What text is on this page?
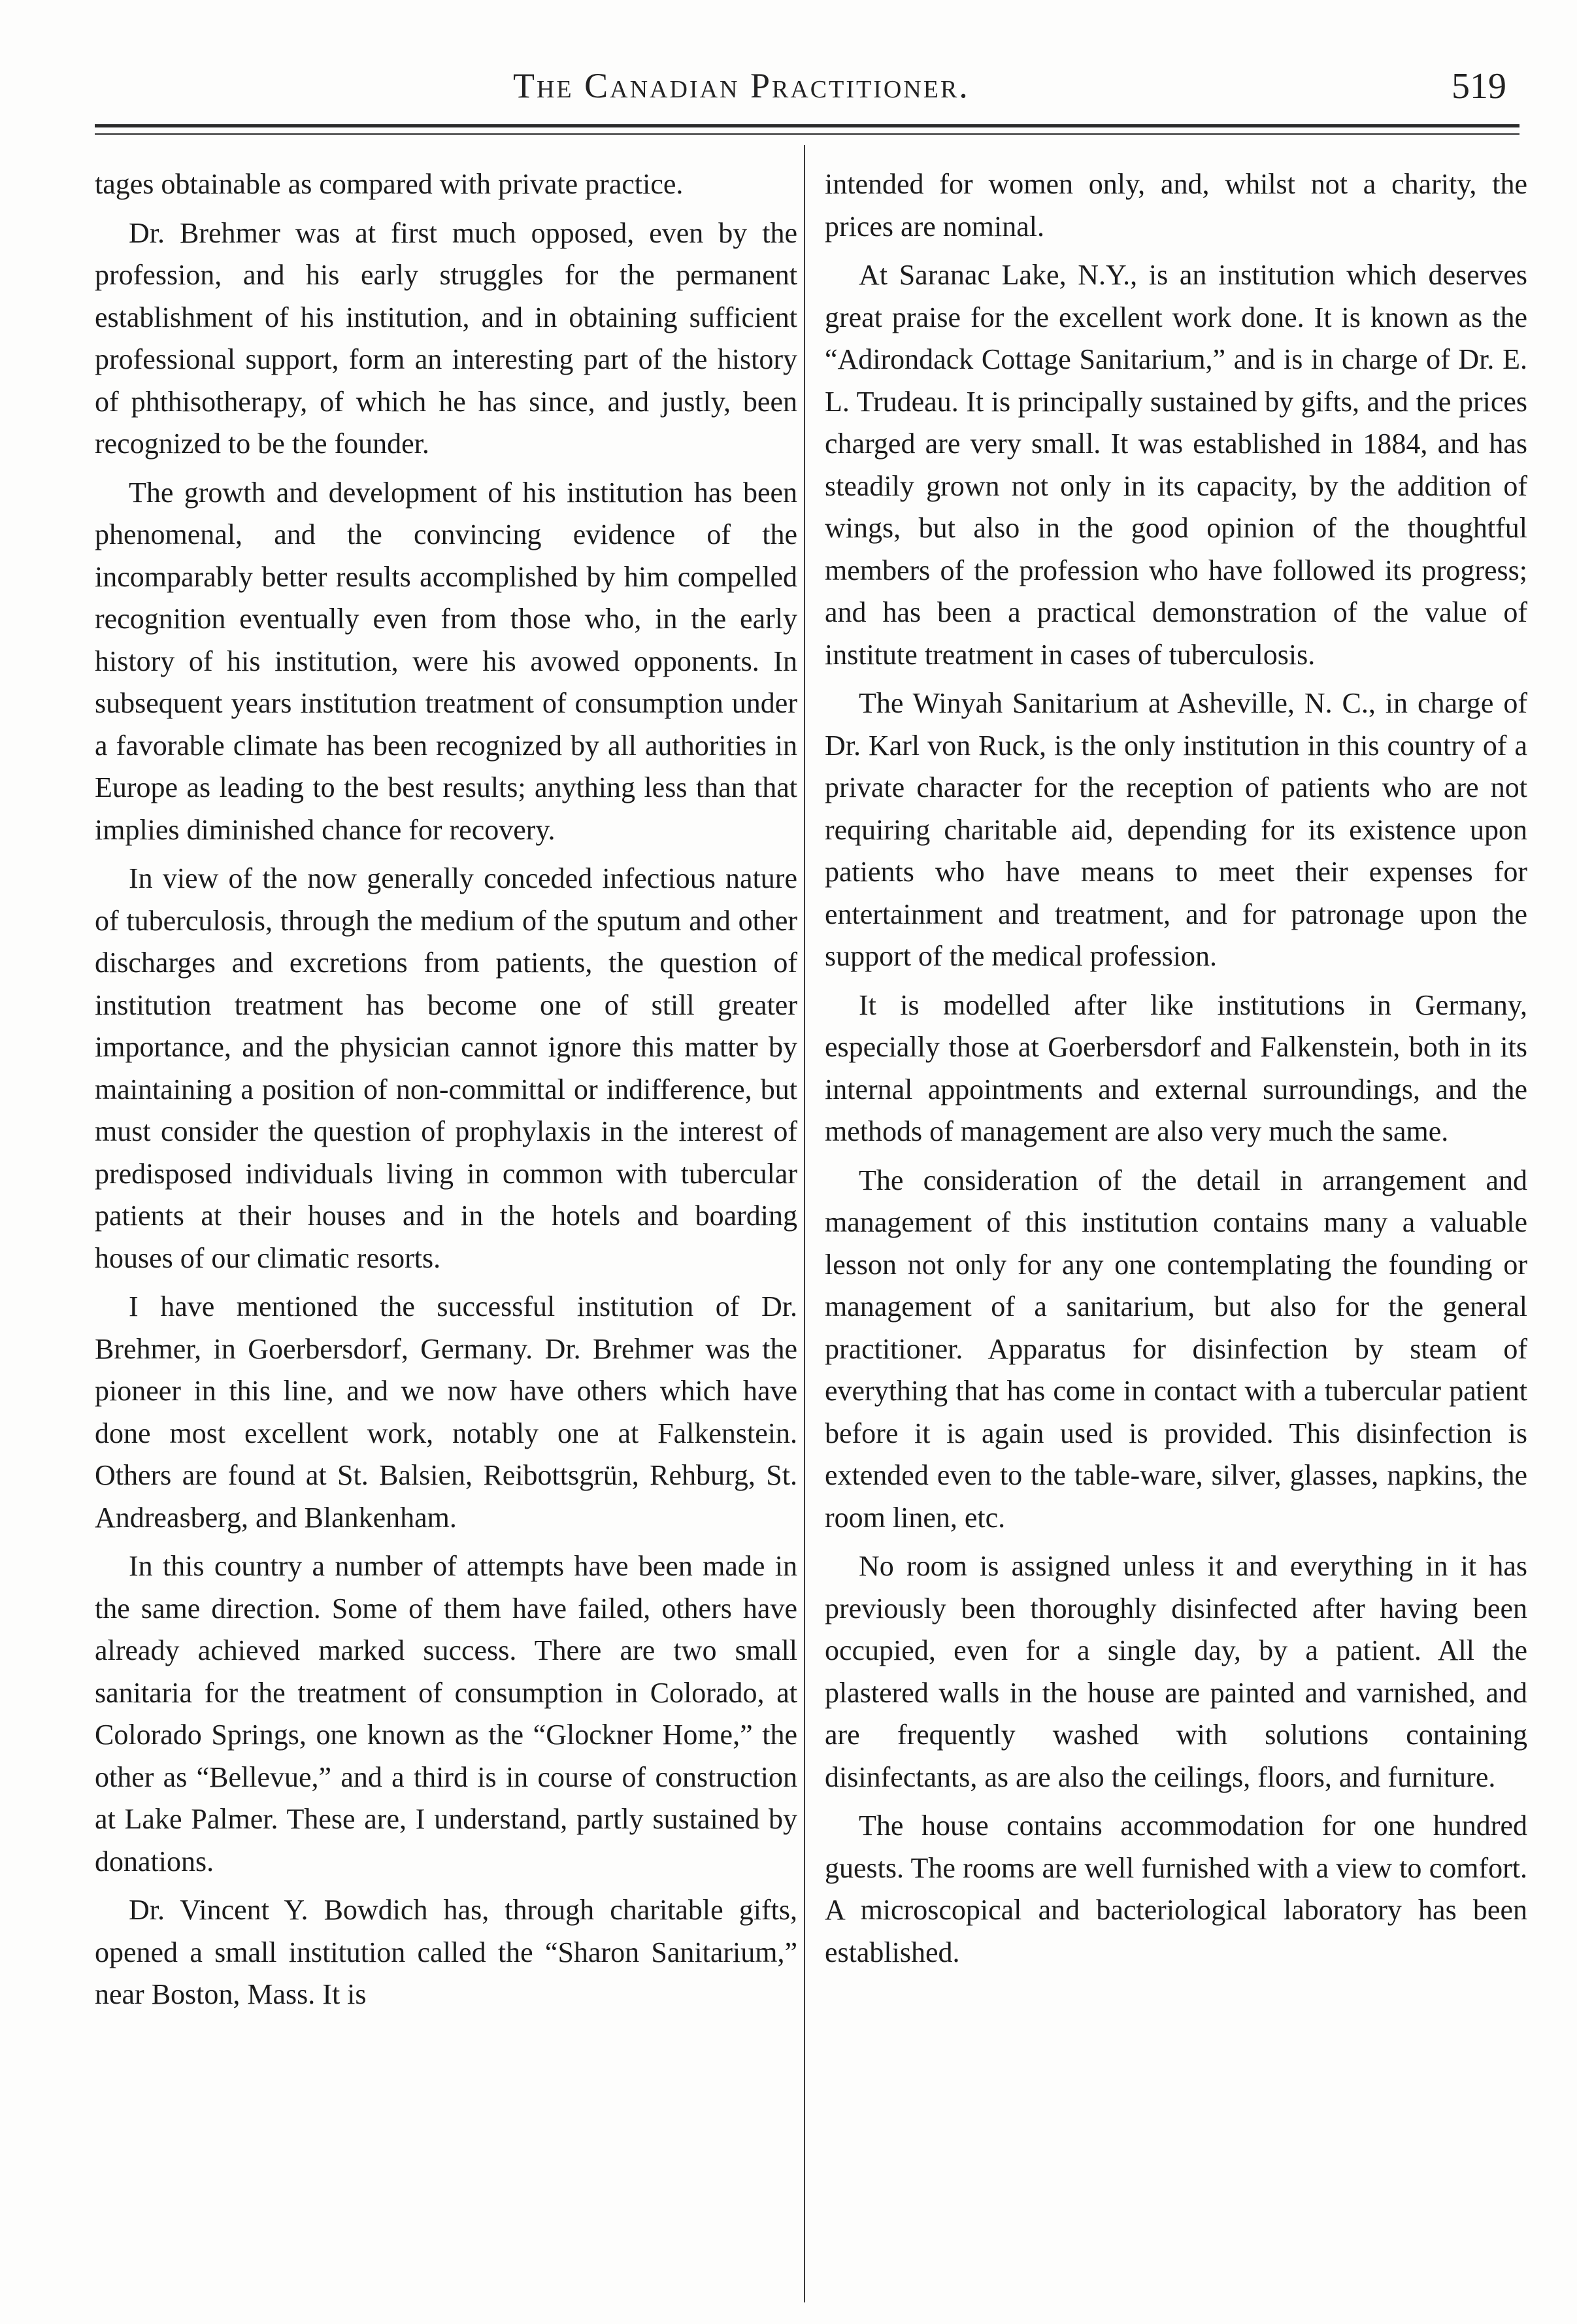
The Canadian Practitioner.	519

tages obtainable as compared with private practice.

Dr. Brehmer was at first much opposed, even by the profession, and his early struggles for the permanent establishment of his institution, and in obtaining sufficient professional support, form an interesting part of the history of phthisotherapy, of which he has since, and justly, been recognized to be the founder.

The growth and development of his institution has been phenomenal, and the convincing evidence of the incomparably better results accomplished by him compelled recognition eventually even from those who, in the early history of his institution, were his avowed opponents. In subsequent years institution treatment of consumption under a favorable climate has been recognized by all authorities in Europe as leading to the best results; anything less than that implies diminished chance for recovery.

In view of the now generally conceded infectious nature of tuberculosis, through the medium of the sputum and other discharges and excretions from patients, the question of institution treatment has become one of still greater importance, and the physician cannot ignore this matter by maintaining a position of non-committal or indifference, but must consider the question of prophylaxis in the interest of predisposed individuals living in common with tubercular patients at their houses and in the hotels and boarding houses of our climatic resorts.

I have mentioned the successful institution of Dr. Brehmer, in Goerbersdorf, Germany. Dr. Brehmer was the pioneer in this line, and we now have others which have done most excellent work, notably one at Falkenstein. Others are found at St. Balsien, Reibottsgrün, Rehburg, St. Andreasberg, and Blankenham.

In this country a number of attempts have been made in the same direction. Some of them have failed, others have already achieved marked success. There are two small sanitaria for the treatment of consumption in Colorado, at Colorado Springs, one known as the “Glockner Home,” the other as “Bellevue,” and a third is in course of construction at Lake Palmer. These are, I understand, partly sustained by donations.

Dr. Vincent Y. Bowdich has, through charitable gifts, opened a small institution called the “Sharon Sanitarium,” near Boston, Mass. It is

intended for women only, and, whilst not a charity, the prices are nominal.

At Saranac Lake, N.Y., is an institution which deserves great praise for the excellent work done. It is known as the “Adirondack Cottage Sanitarium,” and is in charge of Dr. E. L. Trudeau. It is principally sustained by gifts, and the prices charged are very small. It was established in 1884, and has steadily grown not only in its capacity, by the addition of wings, but also in the good opinion of the thoughtful members of the profession who have followed its progress; and has been a practical demonstration of the value of institute treatment in cases of tuberculosis.

The Winyah Sanitarium at Asheville, N. C., in charge of Dr. Karl von Ruck, is the only institution in this country of a private character for the reception of patients who are not requiring charitable aid, depending for its existence upon patients who have means to meet their expenses for entertainment and treatment, and for patronage upon the support of the medical profession.

It is modelled after like institutions in Germany, especially those at Goerbersdorf and Falkenstein, both in its internal appointments and external surroundings, and the methods of management are also very much the same.

The consideration of the detail in arrangement and management of this institution contains many a valuable lesson not only for any one contemplating the founding or management of a sanitarium, but also for the general practitioner. Apparatus for disinfection by steam of everything that has come in contact with a tubercular patient before it is again used is provided. This disinfection is extended even to the table-ware, silver, glasses, napkins, the room linen, etc.

No room is assigned unless it and everything in it has previously been thoroughly disinfected after having been occupied, even for a single day, by a patient. All the plastered walls in the house are painted and varnished, and are frequently washed with solutions containing disinfectants, as are also the ceilings, floors, and furniture.

The house contains accommodation for one hundred guests. The rooms are well furnished with a view to comfort. A microscopical and bacteriological laboratory has been established.
